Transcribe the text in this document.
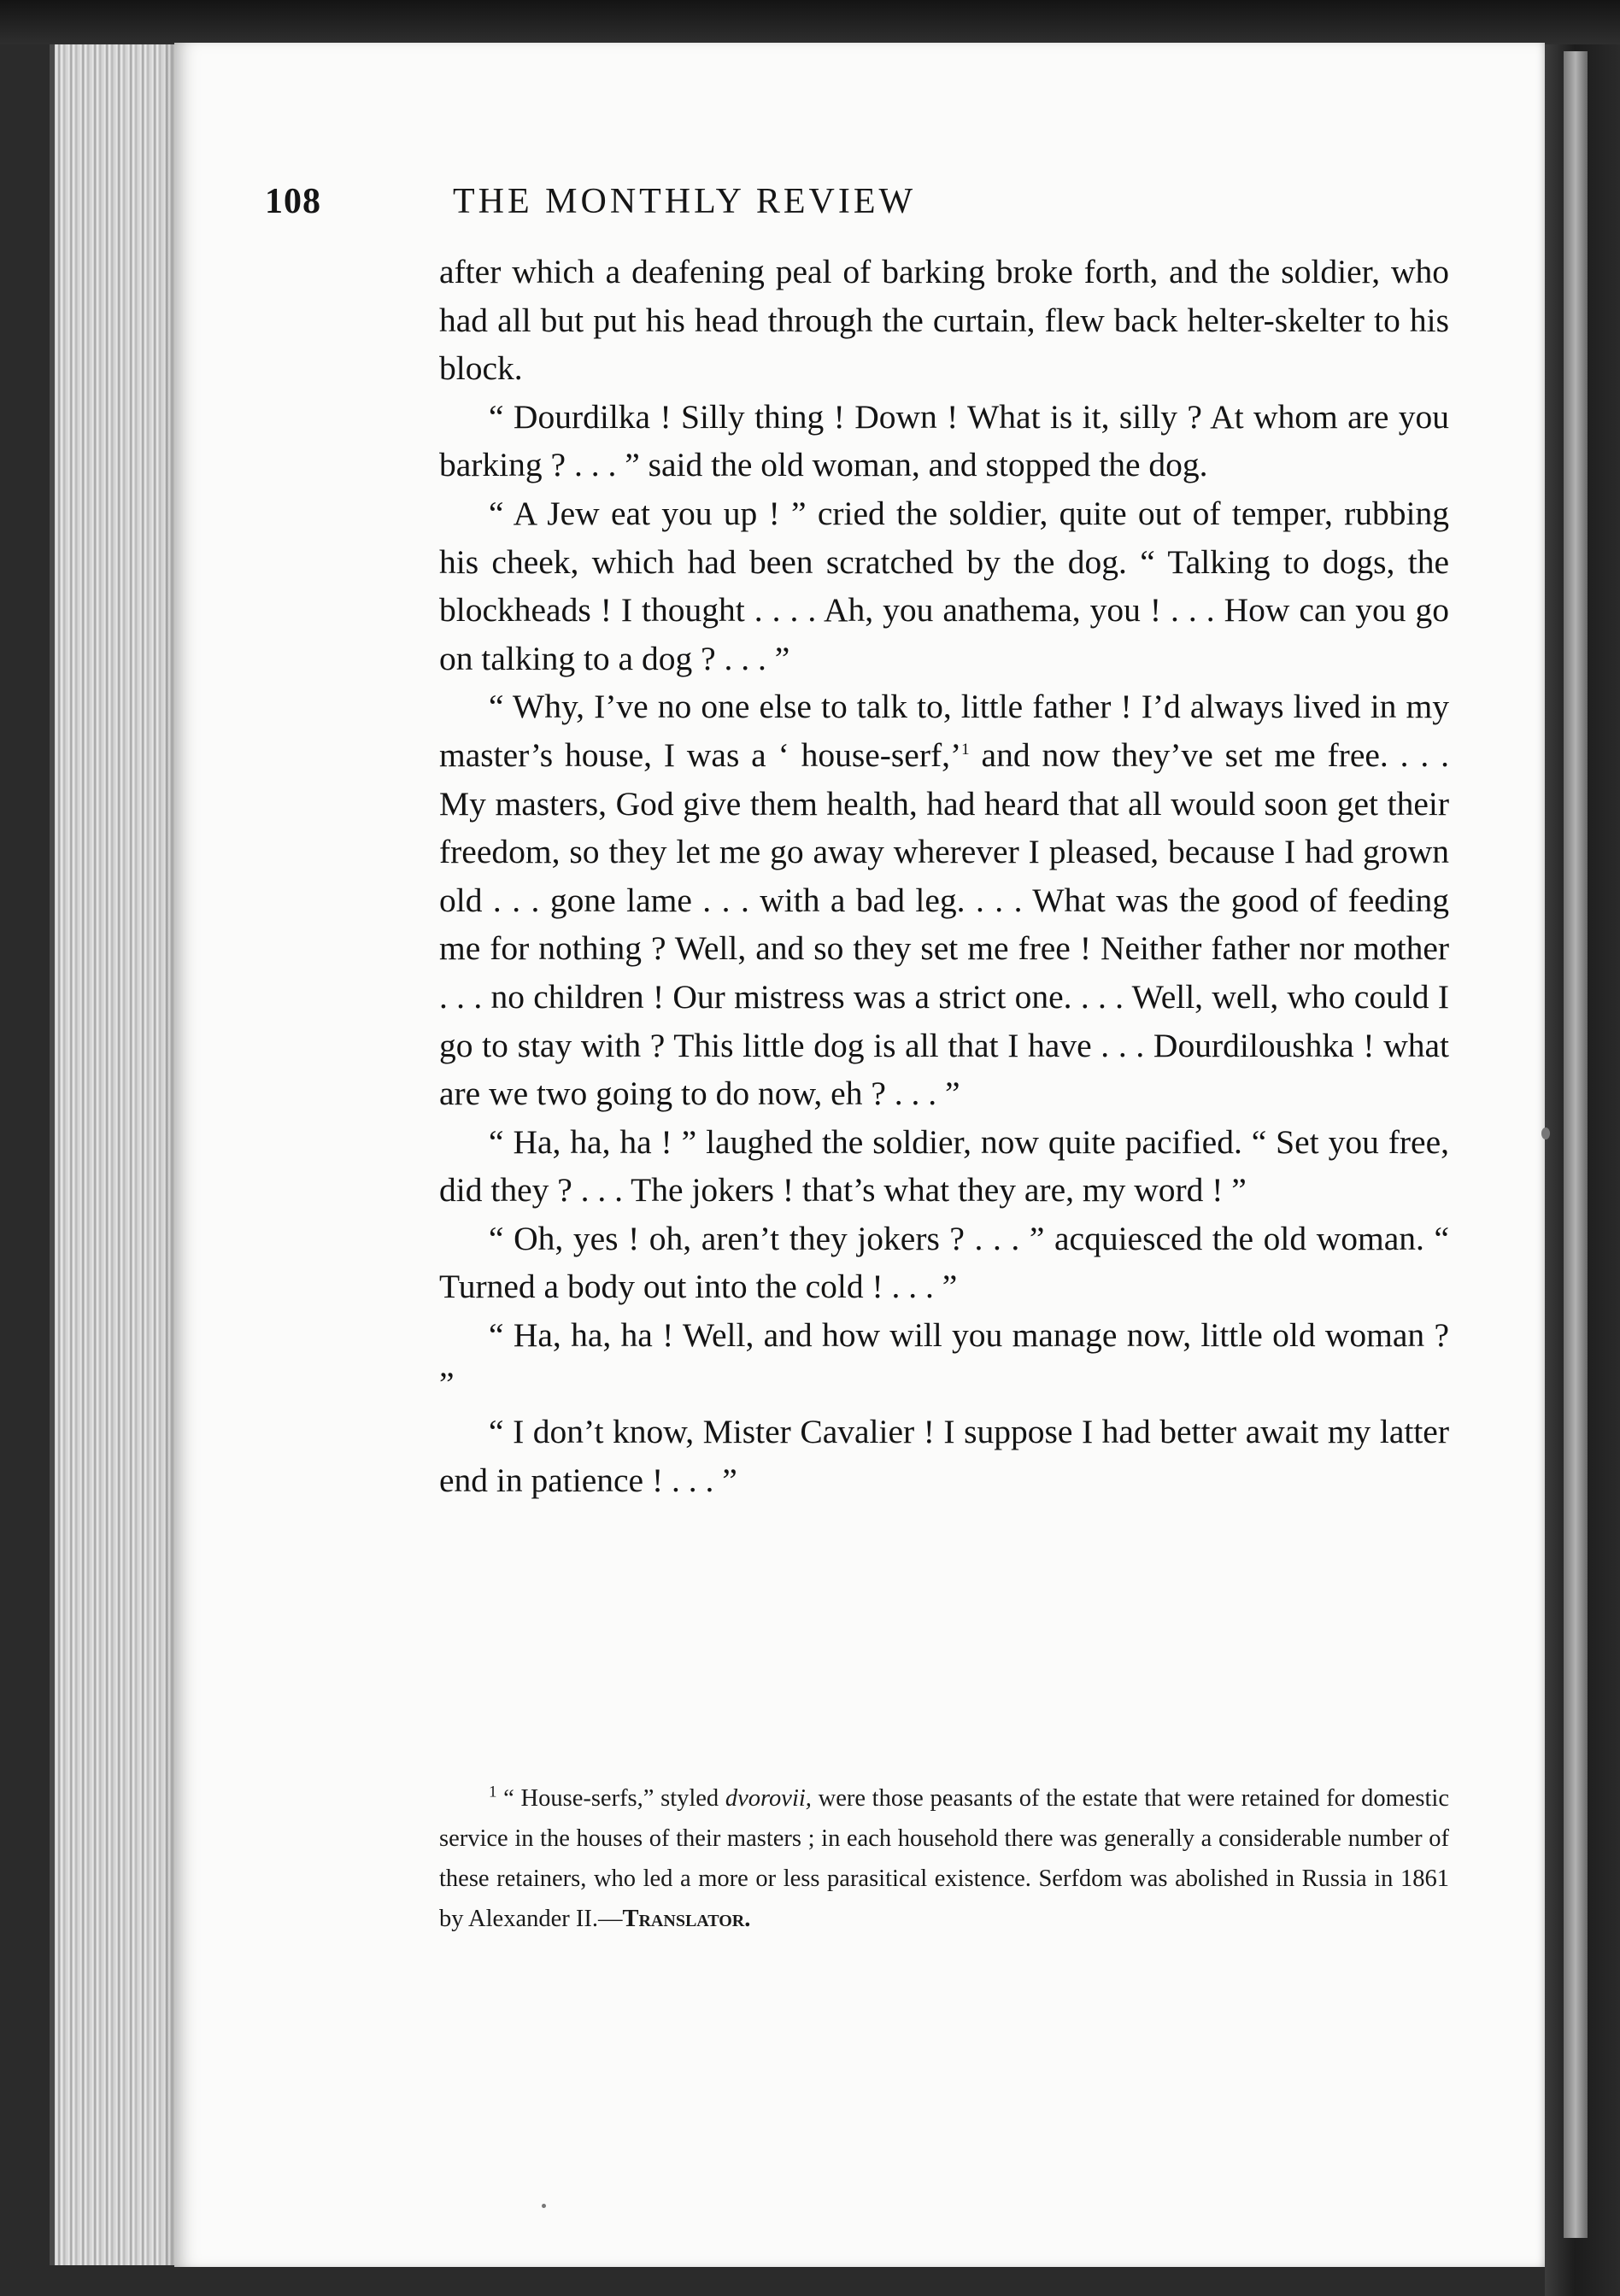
108	THE MONTHLY REVIEW

after which a deafening peal of barking broke forth, and the soldier, who had all but put his head through the curtain, flew back helter-skelter to his block.

“ Dourdilka ! Silly thing ! Down ! What is it, silly ? At whom are you barking ? . . . ” said the old woman, and stopped the dog.

“ A Jew eat you up ! ” cried the soldier, quite out of temper, rubbing his cheek, which had been scratched by the dog. “ Talking to dogs, the blockheads ! I thought . . . . Ah, you anathema, you ! . . . How can you go on talking to a dog ? . . . ”

“ Why, I’ve no one else to talk to, little father ! I’d always lived in my master’s house, I was a ‘ house-serf,’$^1$ and now they’ve set me free. . . . My masters, God give them health, had heard that all would soon get their freedom, so they let me go away wherever I pleased, because I had grown old . . . gone lame . . . with a bad leg. . . . What was the good of feeding me for nothing ? Well, and so they set me free ! Neither father nor mother . . . no children ! Our mistress was a strict one. . . . Well, well, who could I go to stay with ? This little dog is all that I have . . . Dourdiloushka ! what are we two going to do now, eh ? . . . ”

“ Ha, ha, ha ! ” laughed the soldier, now quite pacified. “ Set you free, did they ? . . . The jokers ! that’s what they are, my word ! ”

“ Oh, yes ! oh, aren’t they jokers ? . . . ” acquiesced the old woman. “ Turned a body out into the cold ! . . . ”

“ Ha, ha, ha ! Well, and how will you manage now, little old woman ? ”

“ I don’t know, Mister Cavalier ! I suppose I had better await my latter end in patience ! . . . ”

$^1$ “ House-serfs,” styled dvorovii, were those peasants of the estate that were retained for domestic service in the houses of their masters ; in each household there was generally a considerable number of these retainers, who led a more or less parasitical existence. Serfdom was abolished in Russia in 1861 by Alexander II.—Translator.
